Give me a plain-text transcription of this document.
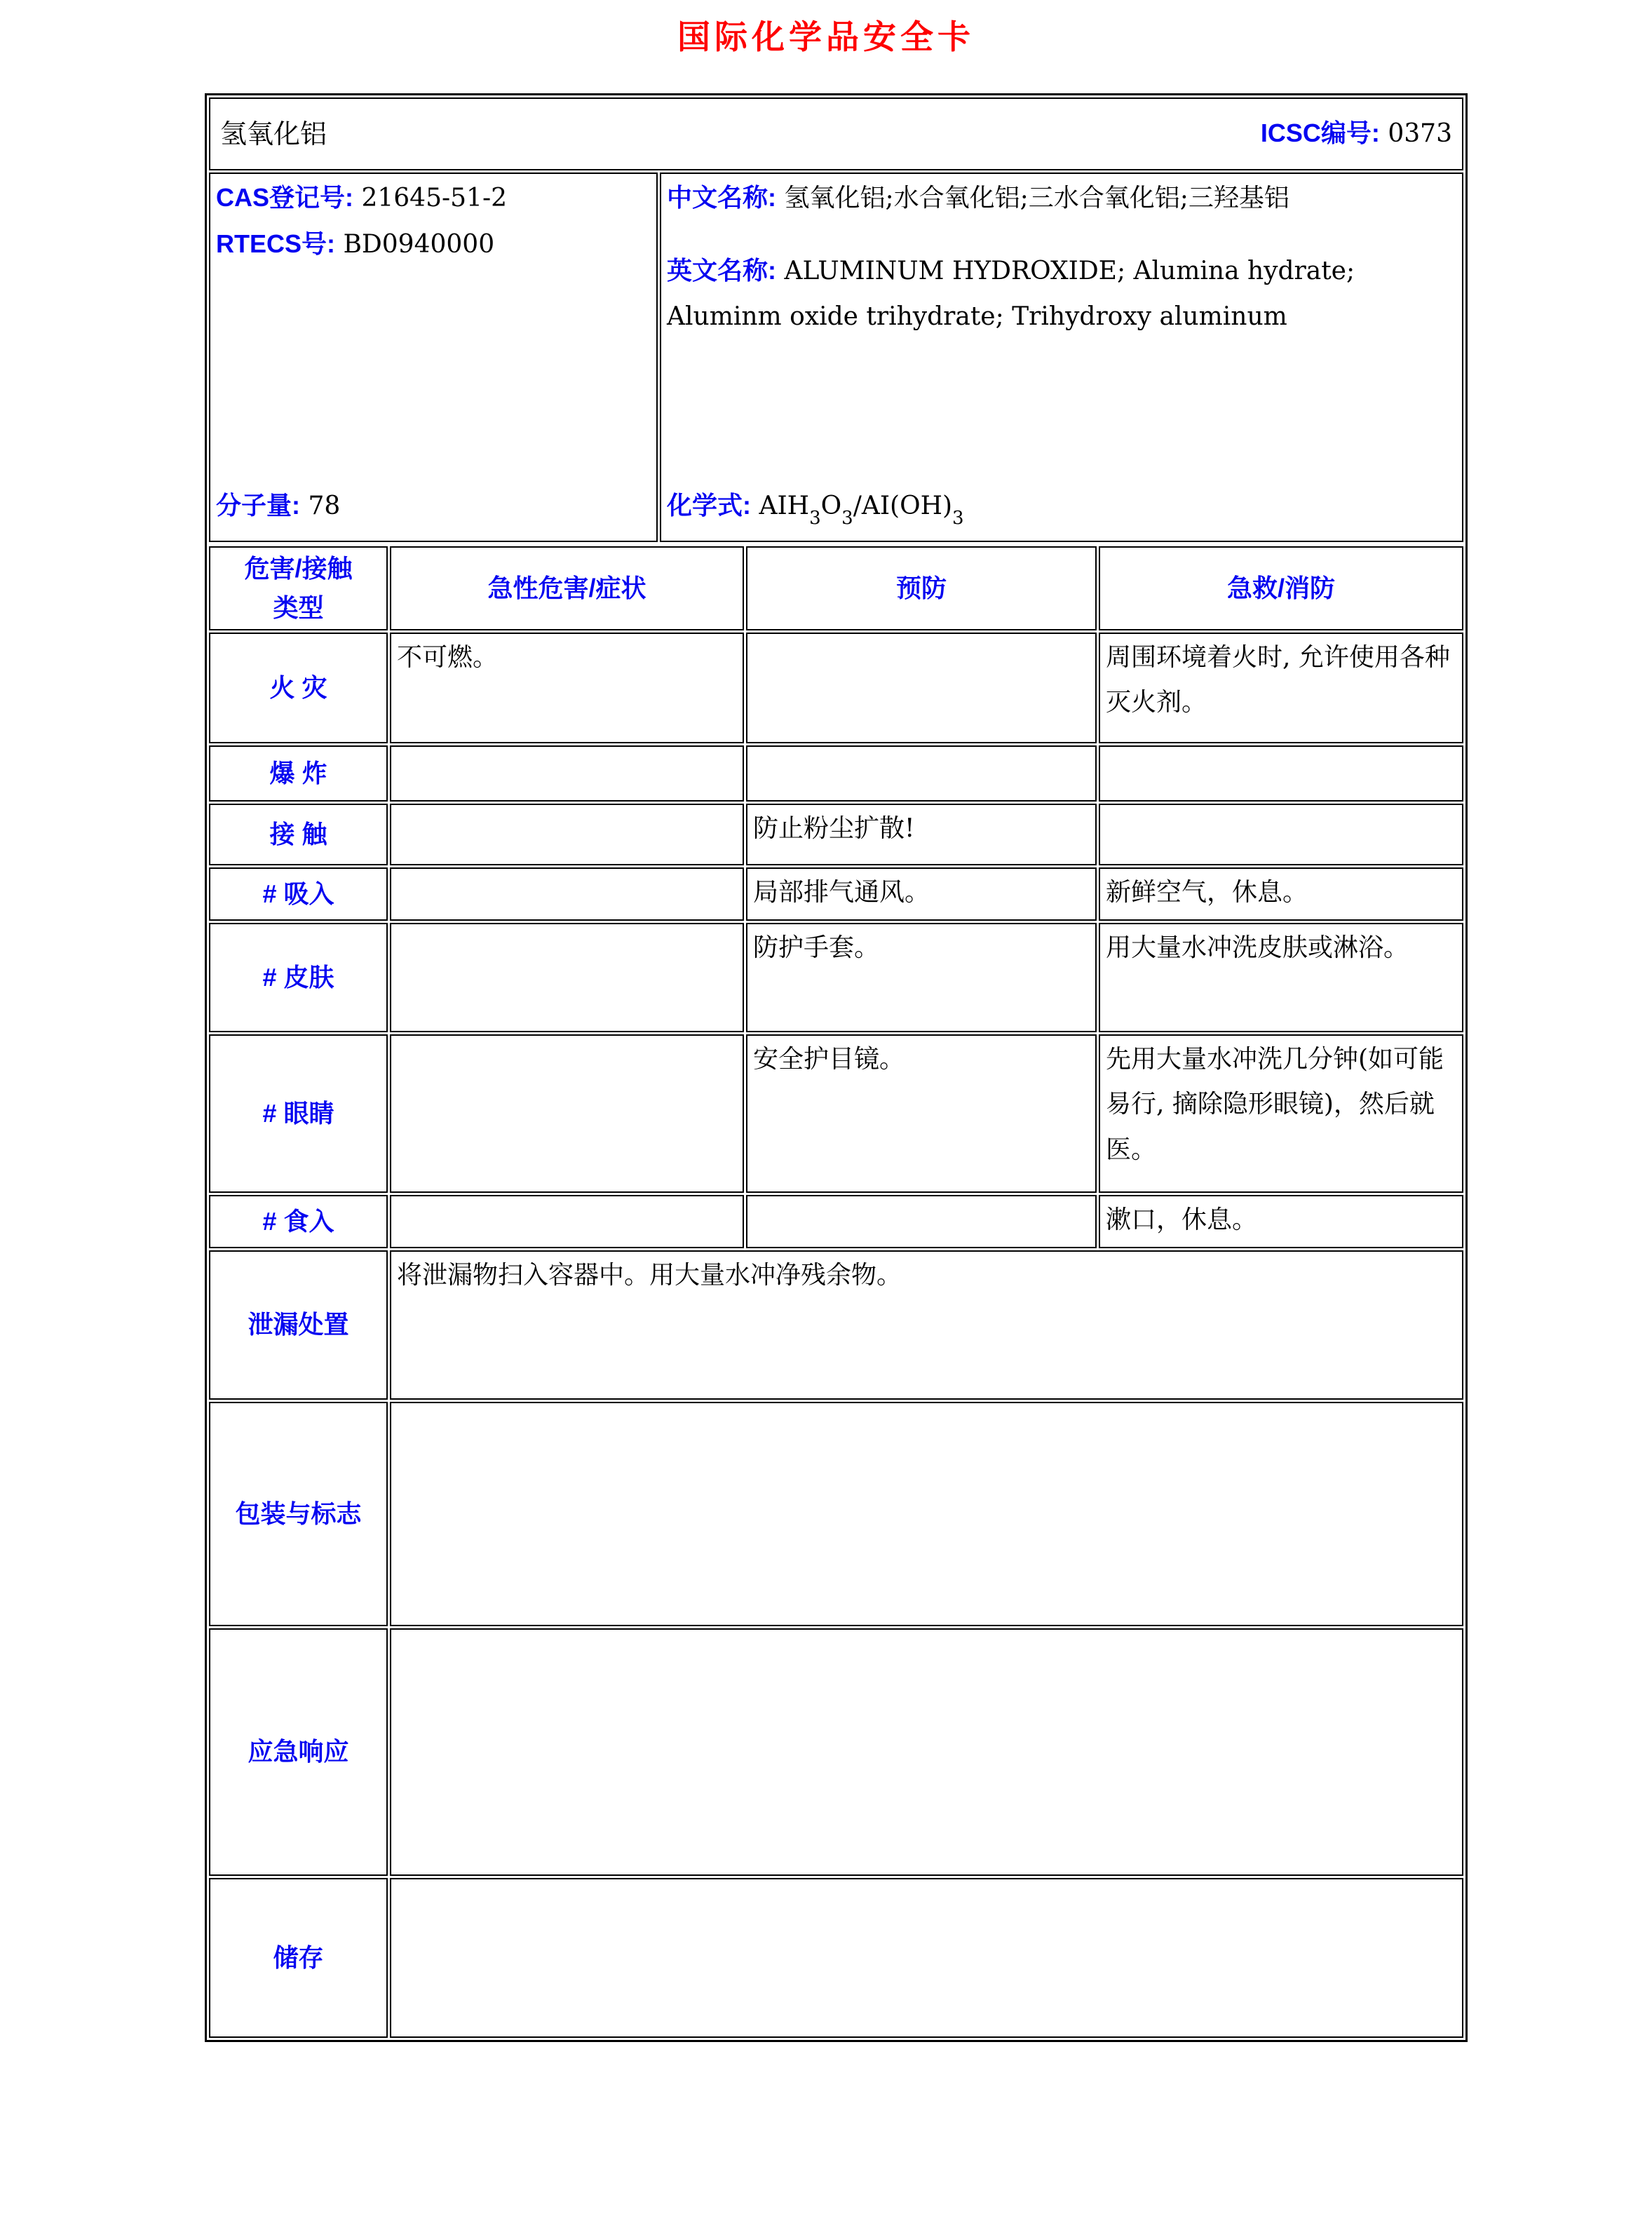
国际化学品安全卡
氢氧化铝	ICSC编号: 0373

CAS登记号: 21645-51-2
RTECS号: BD0940000
分子量: 78

中文名称: 氢氧化铝;水合氧化铝;三水合氧化铝;三羟基铝
英文名称: ALUMINUM HYDROXIDE; Alumina hydrate; Aluminm oxide trihydrate; Trihydroxy aluminum
化学式: $AIH_3O_3/AI(OH)_3$
危害/接触
类型	急性危害/症状	预防	急救/消防
火 灾	不可燃。		周围环境着火时, 允许使用各种灭火剂。
爆 炸			
接 触		防止粉尘扩散!	
# 吸入		局部排气通风。	新鲜空气，休息。
# 皮肤		防护手套。	用大量水冲洗皮肤或淋浴。
# 眼睛		安全护目镜。	先用大量水冲洗几分钟(如可能易行, 摘除隐形眼镜)，然后就医。
# 食入			漱口，休息。
泄漏处置	将泄漏物扫入容器中。用大量水冲净残余物。		
包装与标志			
应急响应			
储存			
